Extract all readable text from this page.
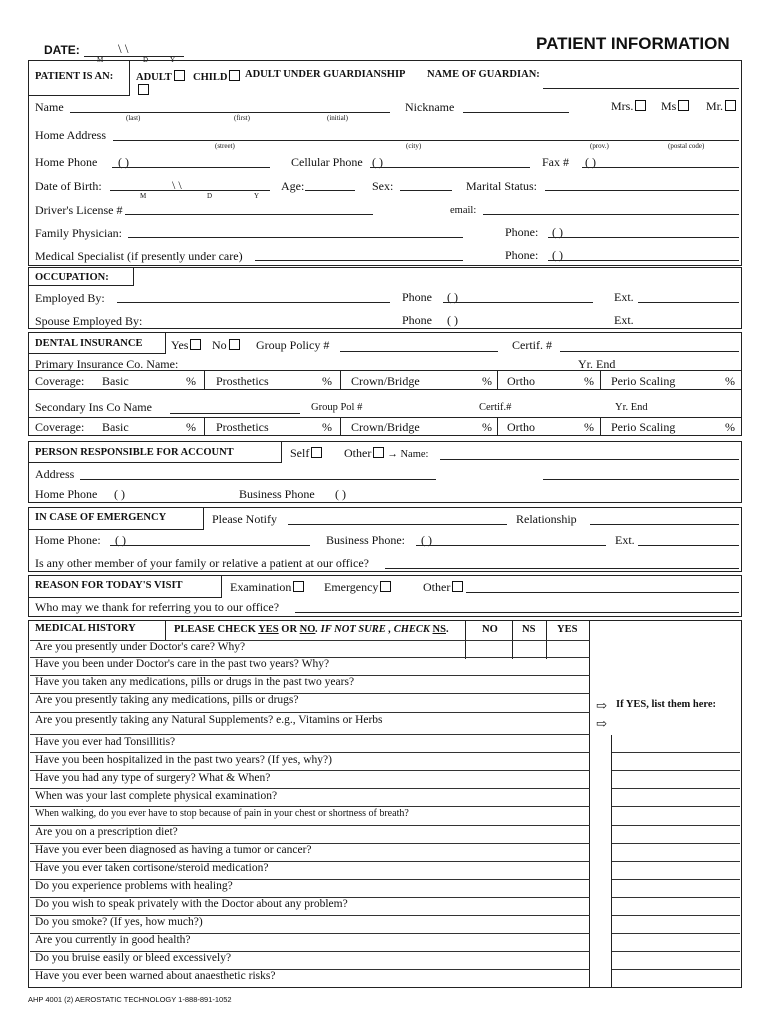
DATE:	\ \
M	D	Y
PATIENT INFORMATION
PATIENT IS AN: ADULT	CHILD	ADULT UNDER GUARDIANSHIP NAME OF GUARDIAN:
Name
(last)	(first)	(initial)
Nickname	Mrs.	Ms	Mr.
Home Address
(street)	(city)	(prov.)	(postal code)
Home Phone ( )	Cellular Phone ( )	Fax # ( )
Date of Birth:	\ \
M	D	Y
Age:	Sex:	Marital Status:
Driver's License #	email:
Family Physician:	Phone: ( )
Medical Specialist (if presently under care)	Phone: ( )
OCCUPATION:
Employed By:	Phone ( )	Ext.
Spouse Employed By:	Phone ( )	Ext.
DENTAL INSURANCE Yes	No	Group Policy #	Certif. #
Primary Insurance Co. Name:	Yr. End
Coverage: Basic	% Prosthetics	% Crown/Bridge	% Ortho	% Perio Scaling	%
Secondary Ins Co Name	Group Pol #	Certif.#	Yr. End
Coverage: Basic	% Prosthetics	% Crown/Bridge	% Ortho	% Perio Scaling	%
PERSON RESPONSIBLE FOR ACCOUNT	Self	Other → Name:
Address
Home Phone ( )	Business Phone ( )
IN CASE OF EMERGENCY	Please Notify	Relationship
Home Phone: ( )	Business Phone: ( )	Ext.
Is any other member of your family or relative a patient at our office?
REASON FOR TODAY'S VISIT	Examination	Emergency	Other
Who may we thank for referring you to our office?
MEDICAL HISTORY	PLEASE CHECK YES OR NO. IF NOT SURE , CHECK NS.	NO NS YES
⇨ If YES, list them here:
⇨
Are you presently under Doctor's care? Why?
Have you been under Doctor's care in the past two years? Why?
Have you taken any medications, pills or drugs in the past two years?
Are you presently taking any medications, pills or drugs?
Are you presently taking any Natural Supplements? e.g., Vitamins or Herbs
Have you ever had Tonsillitis?
Have you been hospitalized in the past two years? (If yes, why?)
Have you had any type of surgery? What & When?
When was your last complete physical examination?
When walking, do you ever have to stop because of pain in your chest or shortness of breath?
Are you on a prescription diet?
Have you ever been diagnosed as having a tumor or cancer?
Have you ever taken cortisone/steroid medication?
Do you experience problems with healing?
Do you wish to speak privately with the Doctor about any problem?
Do you smoke? (If yes, how much?)
Are you currently in good health?
Do you bruise easily or bleed excessively?
Have you ever been warned about anaesthetic risks?
AHP 4001 (2) AEROSTATIC TECHNOLOGY 1-888-891-1052
